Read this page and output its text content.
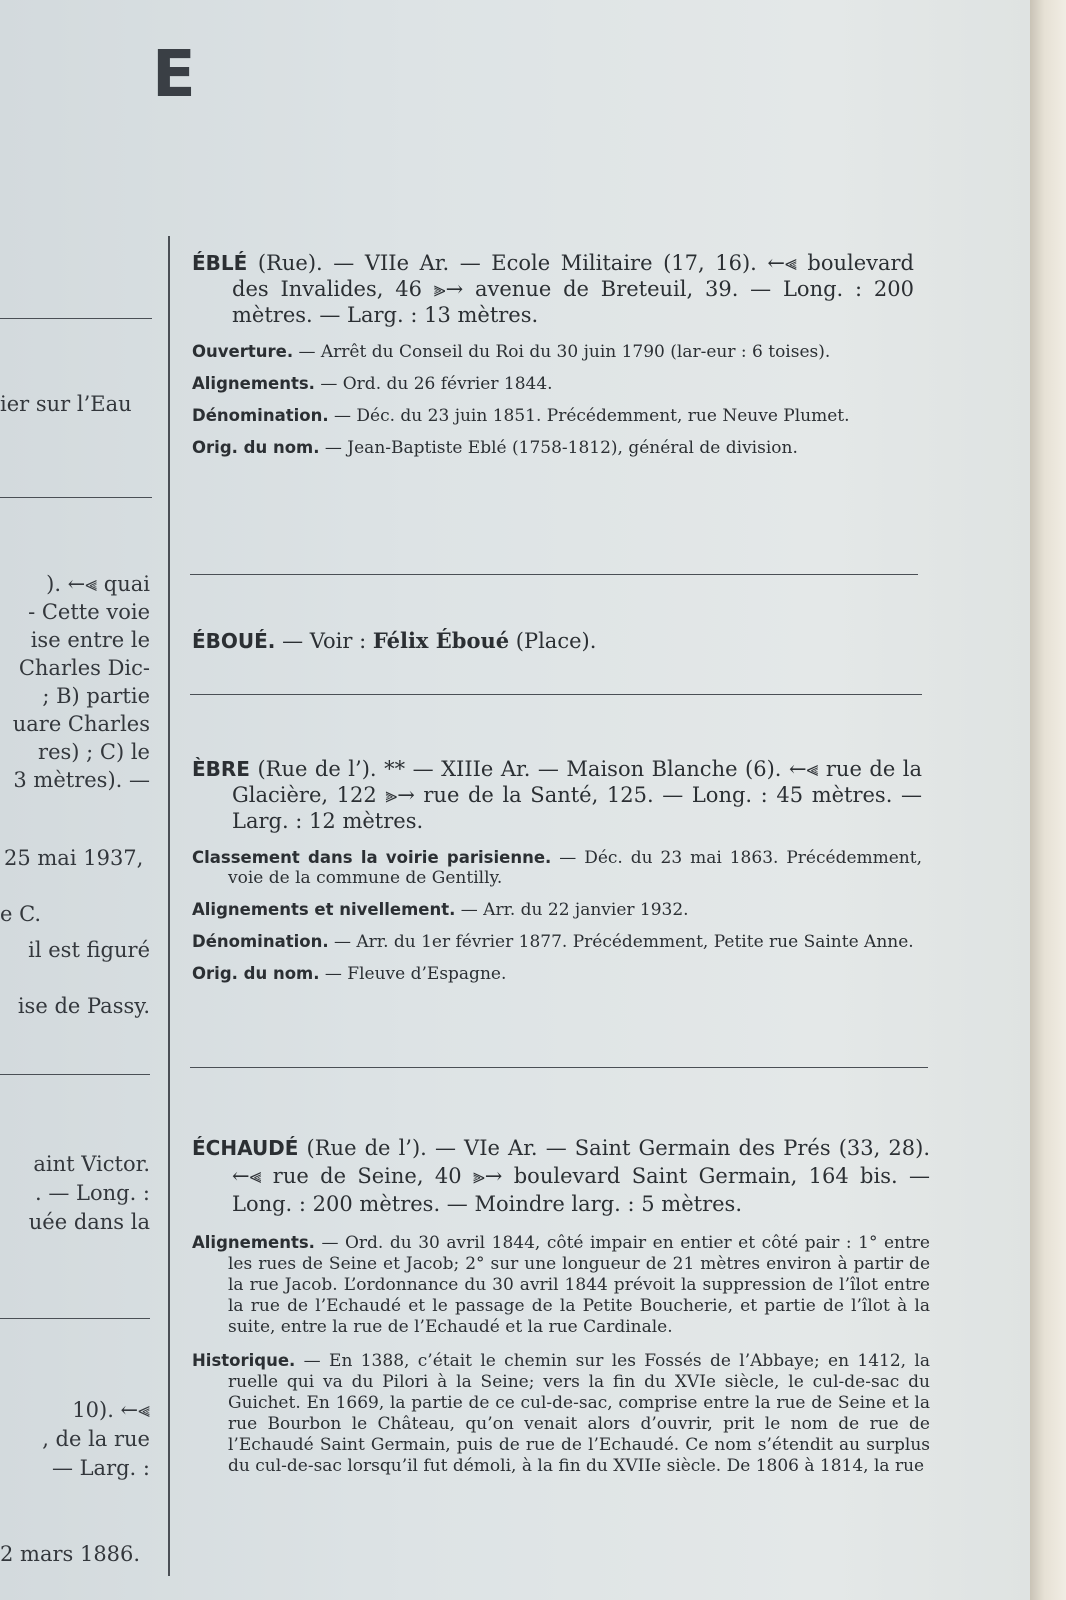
E
ier sur l’Eau
). ←⫷ quai
- Cette voie
ise entre le
Charles Dic-
; B) partie
uare Charles
res) ; C) le
3 mètres). —
25 mai 1937,
e C.
il est figuré
ise de Passy.
aint Victor.
. — Long. :
uée dans la
10). ←⫷
, de la rue
— Larg. :
2 mars 1886.

ÉBLÉ (Rue). — VIIe Ar. — Ecole Militaire (17, 16). ←⫷ boulevard des Invalides, 46 ⫸→ avenue de Breteuil, 39. — Long. : 200 mètres. — Larg. : 13 mètres.

Ouverture. — Arrêt du Conseil du Roi du 30 juin 1790 (lar‑eur : 6 toises).

Alignements. — Ord. du 26 février 1844.

Dénomination. — Déc. du 23 juin 1851. Précédemment, rue Neuve Plumet.

Orig. du nom. — Jean-Baptiste Eblé (1758-1812), général de division.

ÉBOUÉ. — Voir : Félix Éboué (Place).

ÈBRE (Rue de l’). ** — XIIIe Ar. — Maison Blanche (6). ←⫷ rue de la Glacière, 122 ⫸→ rue de la Santé, 125. — Long. : 45 mètres. — Larg. : 12 mètres.

Classement dans la voirie parisienne. — Déc. du 23 mai 1863. Précédemment, voie de la commune de Gentilly.

Alignements et nivellement. — Arr. du 22 janvier 1932.

Dénomination. — Arr. du 1er février 1877. Précédemment, Petite rue Sainte Anne.

Orig. du nom. — Fleuve d’Espagne.

ÉCHAUDÉ (Rue de l’). — VIe Ar. — Saint Germain des Prés (33, 28). ←⫷ rue de Seine, 40 ⫸→ boulevard Saint Germain, 164 bis. — Long. : 200 mètres. — Moindre larg. : 5 mètres.

Alignements. — Ord. du 30 avril 1844, côté impair en entier et côté pair : 1° entre les rues de Seine et Jacob; 2° sur une longueur de 21 mètres environ à partir de la rue Jacob. L’ordonnance du 30 avril 1844 prévoit la suppression de l’îlot entre la rue de l’Echaudé et le passage de la Petite Boucherie, et partie de l’îlot à la suite, entre la rue de l’Echaudé et la rue Cardinale.

Historique. — En 1388, c’était le chemin sur les Fossés de l’Abbaye; en 1412, la ruelle qui va du Pilori à la Seine; vers la fin du XVIe siècle, le cul-de-sac du Guichet. En 1669, la partie de ce cul-de-sac, comprise entre la rue de Seine et la rue Bourbon le Château, qu’on venait alors d’ouvrir, prit le nom de rue de l’Echaudé Saint Germain, puis de rue de l’Echaudé. Ce nom s’étendit au surplus du cul-de-sac lorsqu’il fut démoli, à la fin du XVIIe siècle. De 1806 à 1814, la rue
